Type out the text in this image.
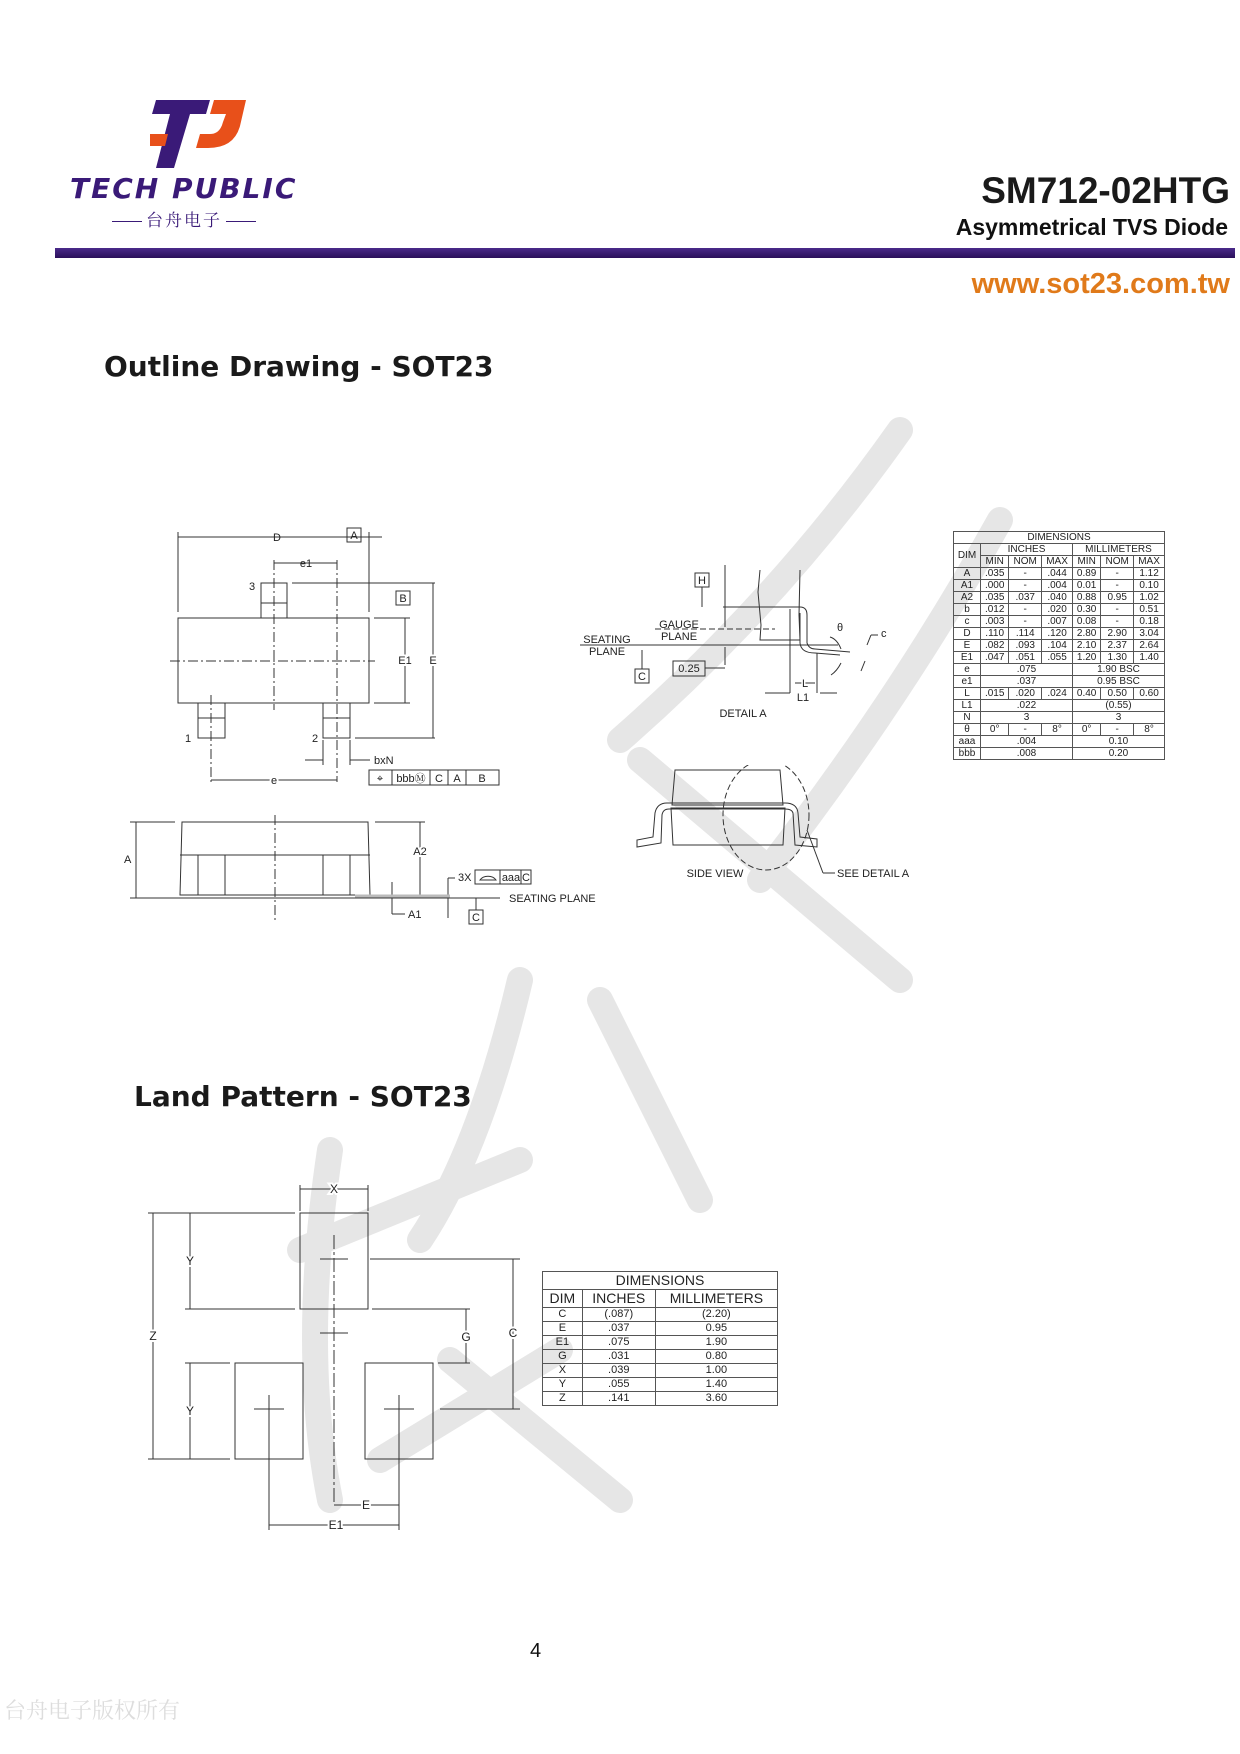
TECH PUBLIC
台舟电子
SM712-02HTG
Asymmetrical TVS Diode
www.sot23.com.tw
Outline Drawing - SOT23
D	A
e1
B
3
E1 E
1	2
bxN
e	⌖ bbbⓂ C A B
A
A2
3X	aaa C
SEATING PLANE
A1	C
H
GAUGE
PLANE
SEATING
PLANE
C
0.25
θ	c
L
L1
DETAIL A
SIDE VIEW	SEE DETAIL A
DIMENSIONS						
DIM	INCHES			MILLIMETERS		
	MIN	NOM	MAX	MIN	NOM	MAX
A	.035	-	.044	0.89	-	1.12
A1	.000	-	.004	0.01	-	0.10
A2	.035	.037	.040	0.88	0.95	1.02
b	.012	-	.020	0.30	-	0.51
c	.003	-	.007	0.08	-	0.18
D	.110	.114	.120	2.80	2.90	3.04
E	.082	.093	.104	2.10	2.37	2.64
E1	.047	.051	.055	1.20	1.30	1.40
e	.075			1.90 BSC		
e1	.037			0.95 BSC		
L	.015	.020	.024	0.40	0.50	0.60
L1	.022			(0.55)		
N	3			3		
θ	0°	-	8°	0°	-	8°
aaa	.004			0.10		
bbb	.008			0.20		
Land Pattern - SOT23
X
Y
Y
Z	G	C
E
E1
DIMENSIONS		
DIM	INCHES	MILLIMETERS
C	(.087)	(2.20)
E	.037	0.95
E1	.075	1.90
G	.031	0.80
X	.039	1.00
Y	.055	1.40
Z	.141	3.60
4
台舟电子版权所有
